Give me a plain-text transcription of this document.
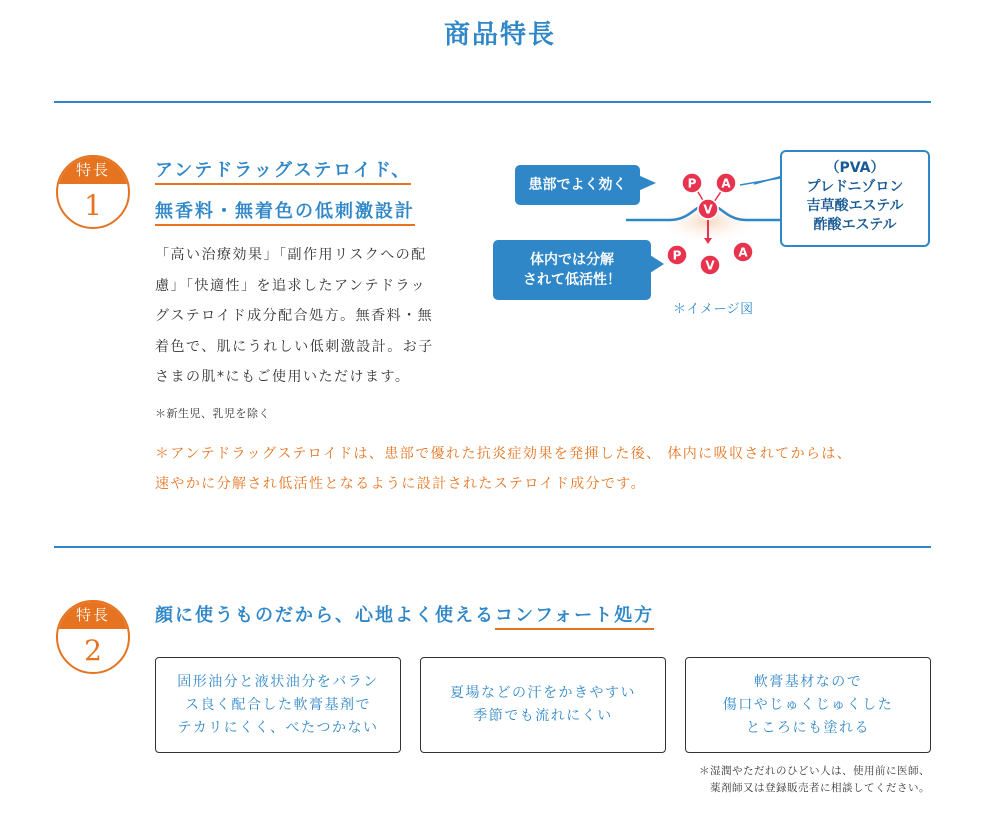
商品特長
特長
1
アンテドラッグステロイド、
無香料・無着色の低刺激設計
「高い治療効果」「副作用リスクへの配
慮」「快適性」を追求したアンテドラッ
グステロイド成分配合処方。無香料・無
着色で、肌にうれしい低刺激設計。お子
さまの肌*にもご使用いただけます。
＊新生児、乳児を除く
P A
V
P
V
A
患部でよく効く
体内では分解
されて低活性！
（PVA）
プレドニゾロン
吉草酸エステル
酢酸エステル
＊イメージ図
＊アンテドラッグステロイドは、患部で優れた抗炎症効果を発揮した後、 体内に吸収されてからは、
速やかに分解され低活性となるように設計されたステロイド成分です。
特長
2
顔に使うものだから、心地よく使えるコンフォート処方
固形油分と液状油分をバラン
ス良く配合した軟膏基剤で
テカリにくく、べたつかない
夏場などの汗をかきやすい
季節でも流れにくい
軟膏基材なので
傷口やじゅくじゅくした
ところにも塗れる
＊湿潤やただれのひどい人は、使用前に医師、
薬剤師又は登録販売者に相談してください。
